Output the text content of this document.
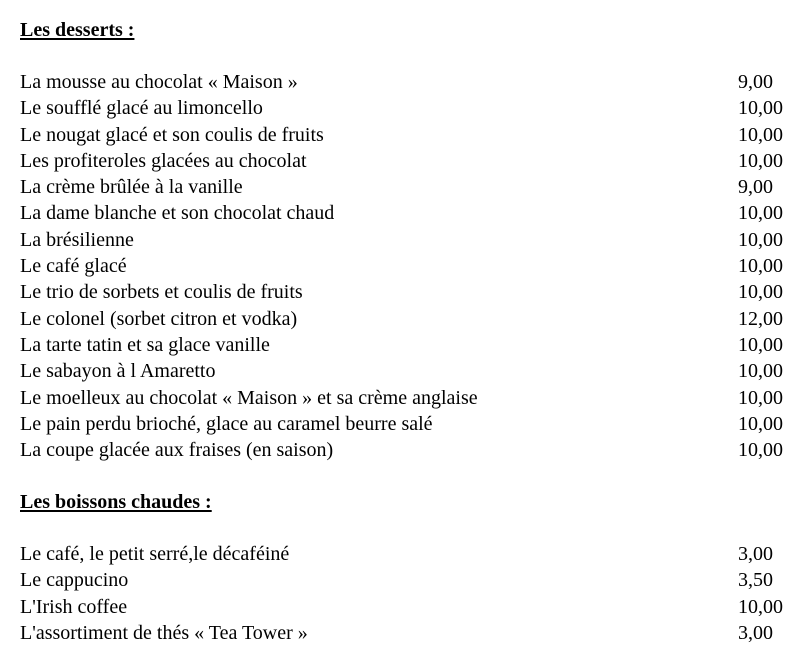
Les desserts :
La mousse au chocolat « Maison »	9,00
Le soufflé glacé au limoncello	10,00
Le nougat glacé et son coulis de fruits	10,00
Les profiteroles glacées au chocolat	10,00
La crème brûlée à la vanille	9,00
La dame blanche et son chocolat chaud	10,00
La brésilienne	10,00
Le café glacé	10,00
Le trio de sorbets et coulis de fruits	10,00
Le colonel (sorbet citron et vodka)	12,00
La tarte tatin et sa glace vanille	10,00
Le sabayon à l Amaretto	10,00
Le moelleux au chocolat « Maison » et sa crème anglaise	10,00
Le pain perdu brioché, glace au caramel beurre salé	10,00
La coupe glacée aux fraises (en saison)	10,00
Les boissons chaudes :
Le café, le petit serré,le décaféiné	3,00
Le cappucino	3,50
L'Irish coffee	10,00
L'assortiment de thés « Tea Tower »	3,00
